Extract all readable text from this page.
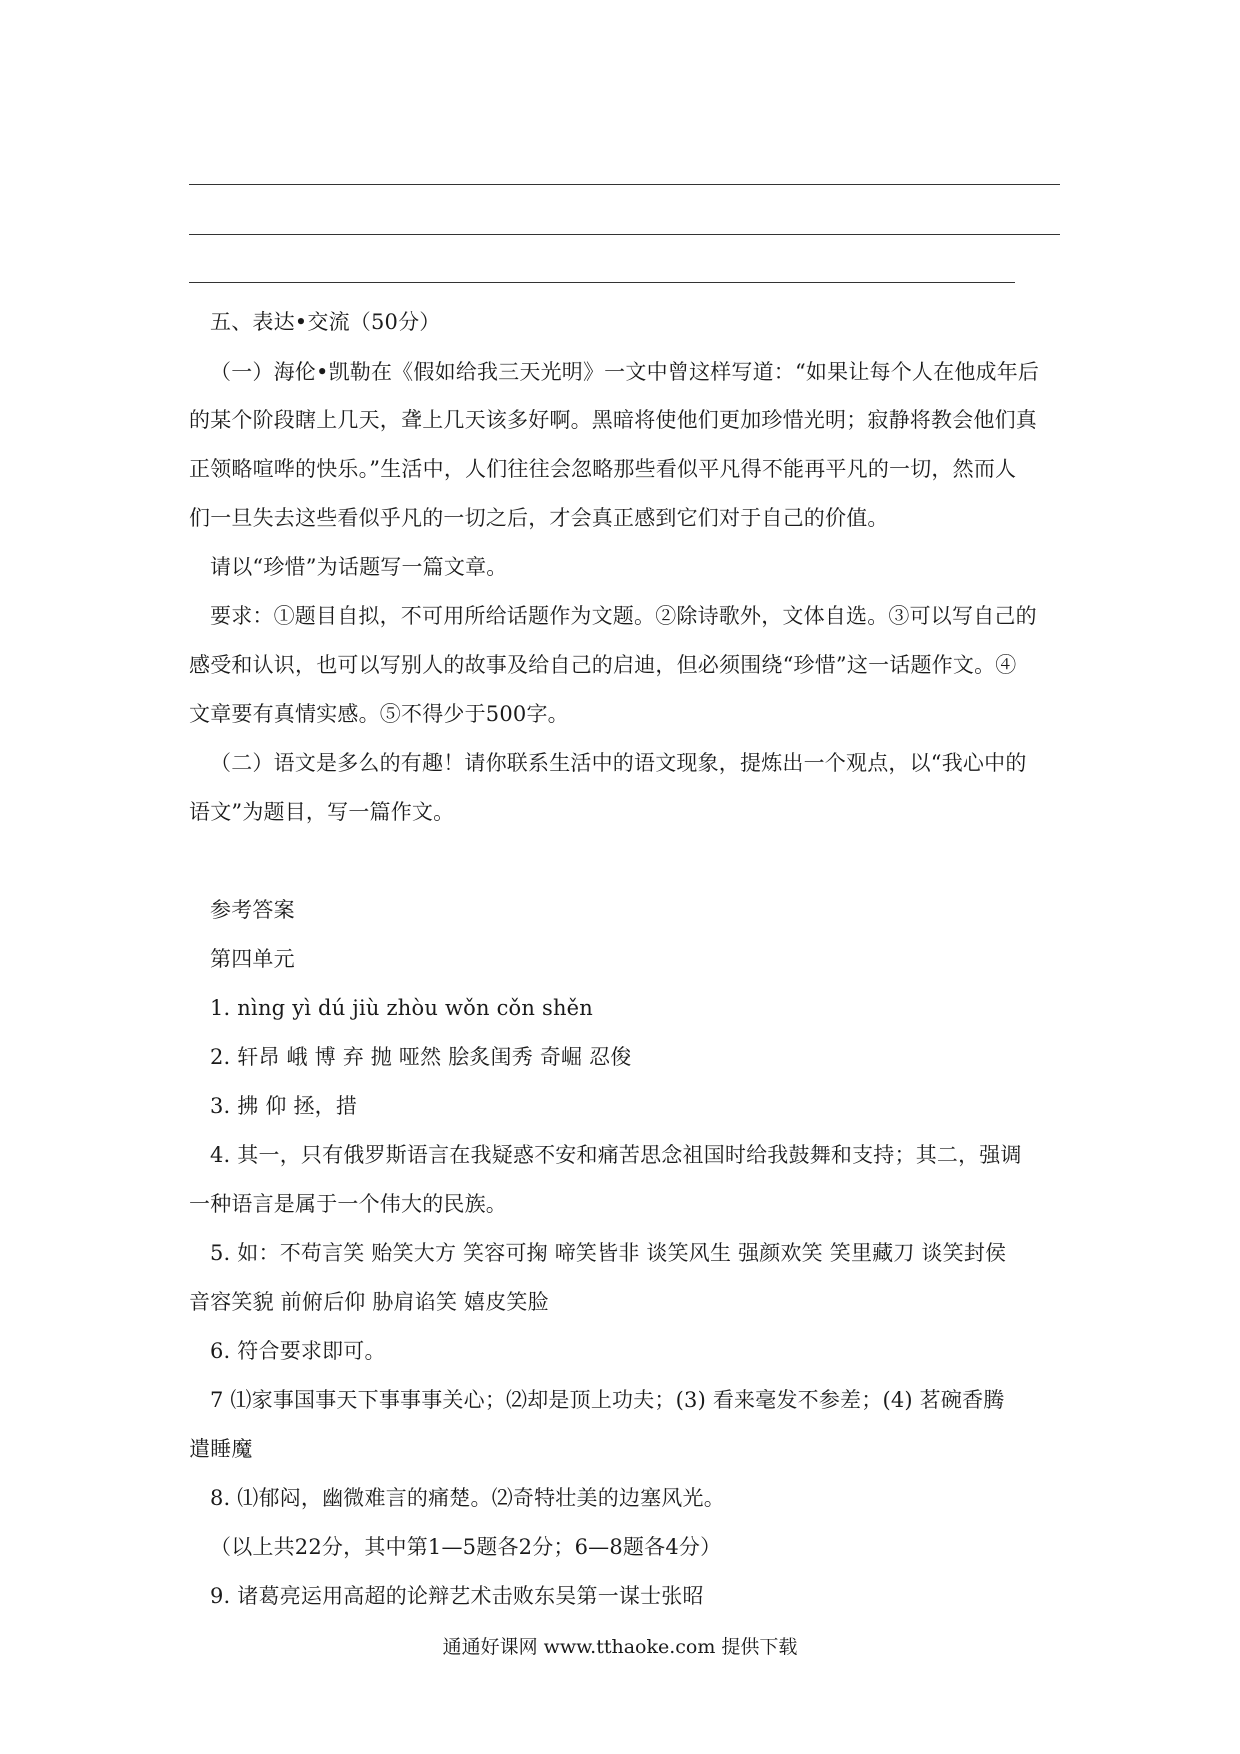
五、表达•交流（50分）
（一）海伦•凯勒在《假如给我三天光明》一文中曾这样写道：“如果让每个人在他成年后
的某个阶段瞎上几天，聋上几天该多好啊。黑暗将使他们更加珍惜光明；寂静将教会他们真
正领略喧哗的快乐。”生活中，人们往往会忽略那些看似平凡得不能再平凡的一切，然而人
们一旦失去这些看似乎凡的一切之后，才会真正感到它们对于自己的价值。
请以“珍惜”为话题写一篇文章。
要求：①题目自拟，不可用所给话题作为文题。②除诗歌外，文体自选。③可以写自己的
感受和认识，也可以写别人的故事及给自己的启迪，但必须围绕“珍惜”这一话题作文。④
文章要有真情实感。⑤不得少于500字。
（二）语文是多么的有趣！请你联系生活中的语文现象，提炼出一个观点，以“我心中的
语文”为题目，写一篇作文。
参考答案
第四单元
1. nìng yì dú jiù zhòu wǒn cǒn shěn
2. 轩昂 峨 博 弃 抛 哑然 脍炙闺秀 奇崛 忍俊
3. 拂 仰 拯，措
4. 其一，只有俄罗斯语言在我疑惑不安和痛苦思念祖国时给我鼓舞和支持；其二，强调
一种语言是属于一个伟大的民族。
5. 如：不苟言笑 贻笑大方 笑容可掬 啼笑皆非 谈笑风生 强颜欢笑 笑里藏刀 谈笑封侯
音容笑貌 前俯后仰 胁肩谄笑 嬉皮笑脸
6. 符合要求即可。
7 ⑴家事国事天下事事事关心；⑵却是顶上功夫；(3) 看来毫发不参差；(4) 茗碗香腾
遣睡魔
8. ⑴郁闷，幽微难言的痛楚。⑵奇特壮美的边塞风光。
（以上共22分，其中第1—5题各2分；6—8题各4分）
9. 诸葛亮运用高超的论辩艺术击败东吴第一谋士张昭
通通好课网 www.tthaoke.com 提供下载
